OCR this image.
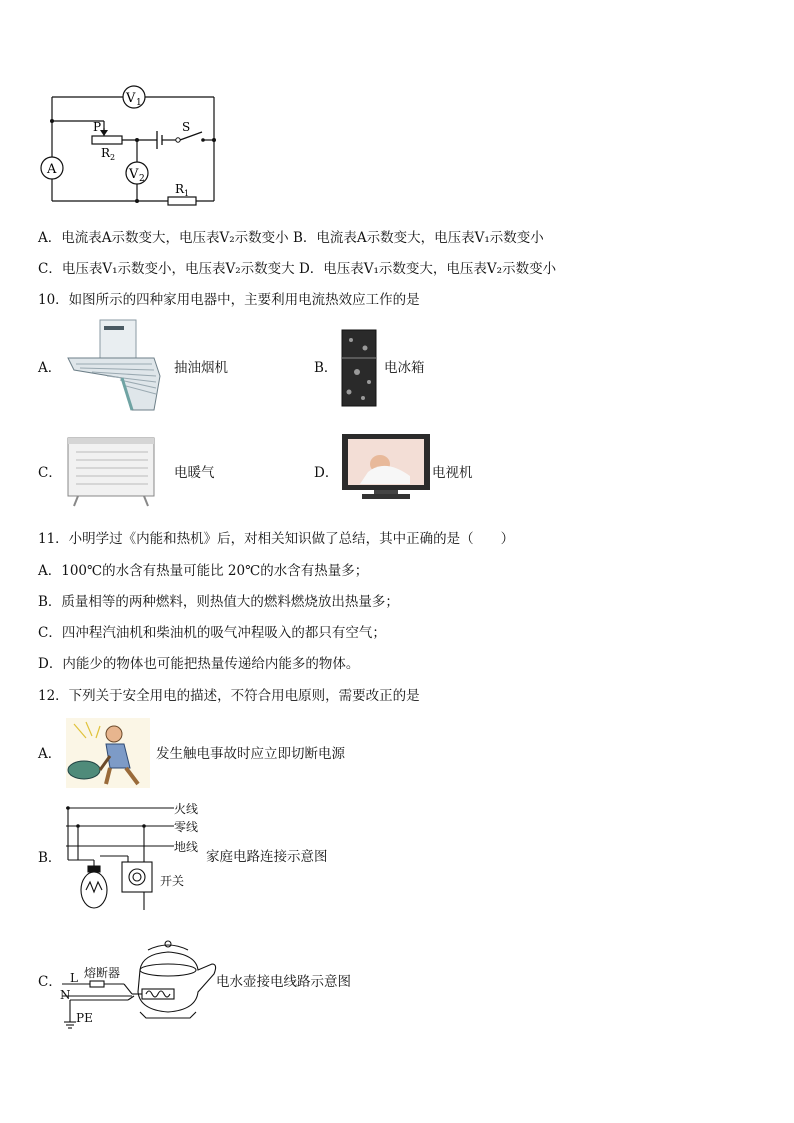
V 1
A	V 2
P
R 2
S
R 1
A．电流表A示数变大，电压表V₂示数变小 B．电流表A示数变大，电压表V₁示数变小
C．电压表V₁示数变小，电压表V₂示数变大 D．电压表V₁示数变大，电压表V₂示数变小
10．如图所示的四种家用电器中，主要利用电流热效应工作的是
A．	抽油烟机	B．	电冰箱
C．	电暖气	D．	电视机
11．小明学过《内能和热机》后，对相关知识做了总结，其中正确的是（　　）
A．100℃的水含有热量可能比 20℃的水含有热量多；
B．质量相等的两种燃料，则热值大的燃料燃烧放出热量多；
C．四冲程汽油机和柴油机的吸气冲程吸入的都只有空气；
D．内能少的物体也可能把热量传递给内能多的物体。
12．下列关于安全用电的描述，不符合用电原则，需要改正的是
A．	发生触电事故时应立即切断电源
B．
火线
零线
地线
家庭电路连接示意图
开关
C．
熔断器
L
N
PE
电水壶接电线路示意图
